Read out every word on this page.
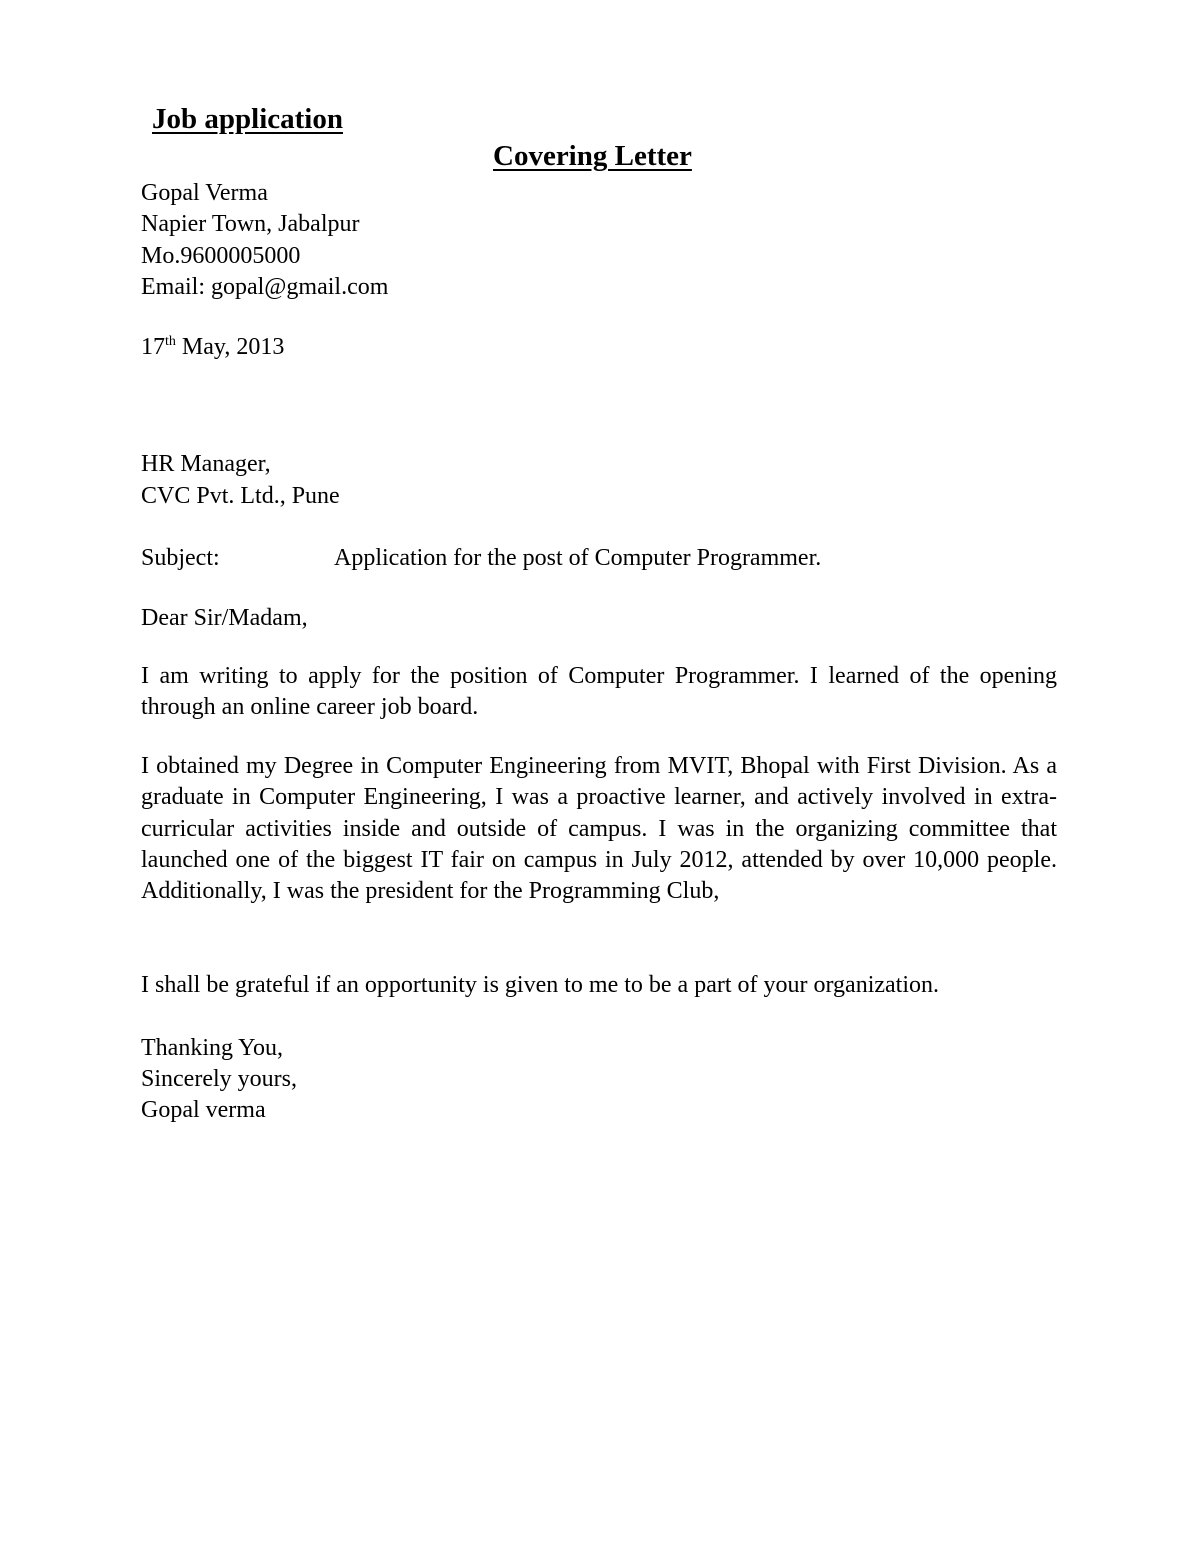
Job application
Covering Letter
Gopal Verma
Napier Town, Jabalpur
Mo.9600005000
Email: gopal@gmail.com
17th May, 2013
HR Manager,
CVC Pvt. Ltd., Pune
Subject:	Application for the post of Computer Programmer.
Dear Sir/Madam,
I am writing to apply for the position of Computer Programmer. I learned of the opening through an online career job board.
I obtained my Degree in Computer Engineering from MVIT, Bhopal with First Division. As a graduate in Computer Engineering, I was a proactive learner, and actively involved in extra-curricular activities inside and outside of campus. I was in the organizing committee that launched one of the biggest IT fair on campus in July 2012, attended by over 10,000 people. Additionally, I was the president for the Programming Club,
I shall be grateful if an opportunity is given to me to be a part of your organization.
Thanking You,
Sincerely yours,
Gopal verma
